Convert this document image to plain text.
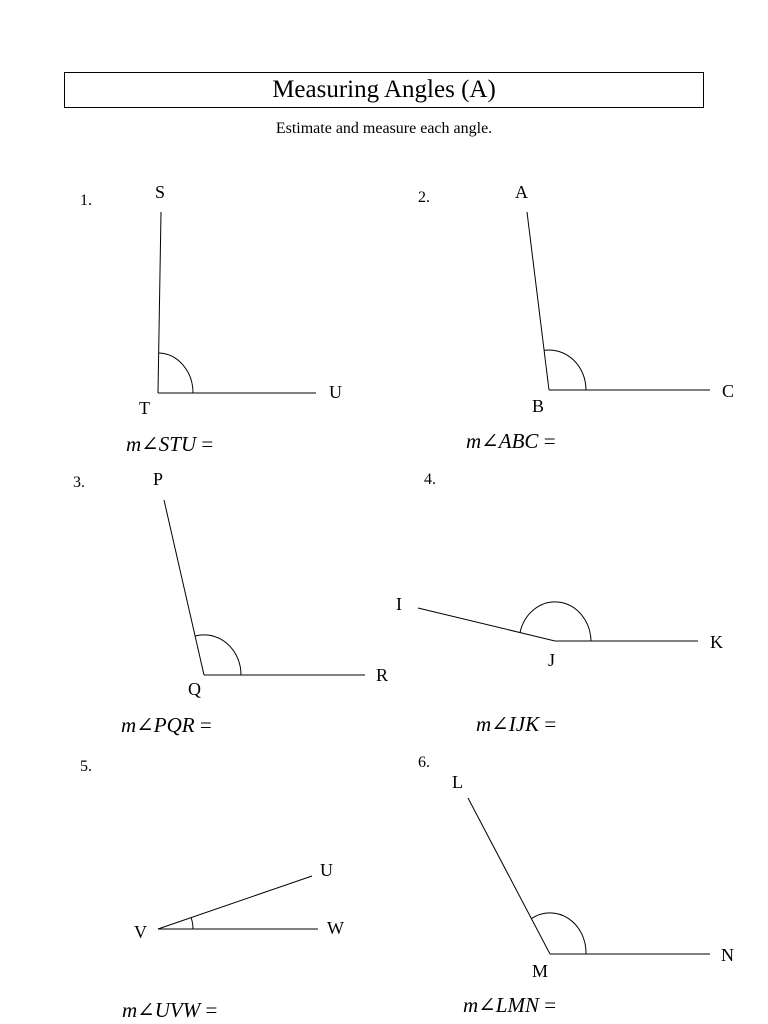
Measuring Angles (A)
Estimate and measure each angle.
1.	2.
3.	4.
5.	6.
S
T
U
A
B
C
P
Q
R
I
J
K
U
V	W
L
M
N
m∠STU =	m∠ABC =
m∠PQR =	m∠IJK =
m∠UVW =	m∠LMN =
